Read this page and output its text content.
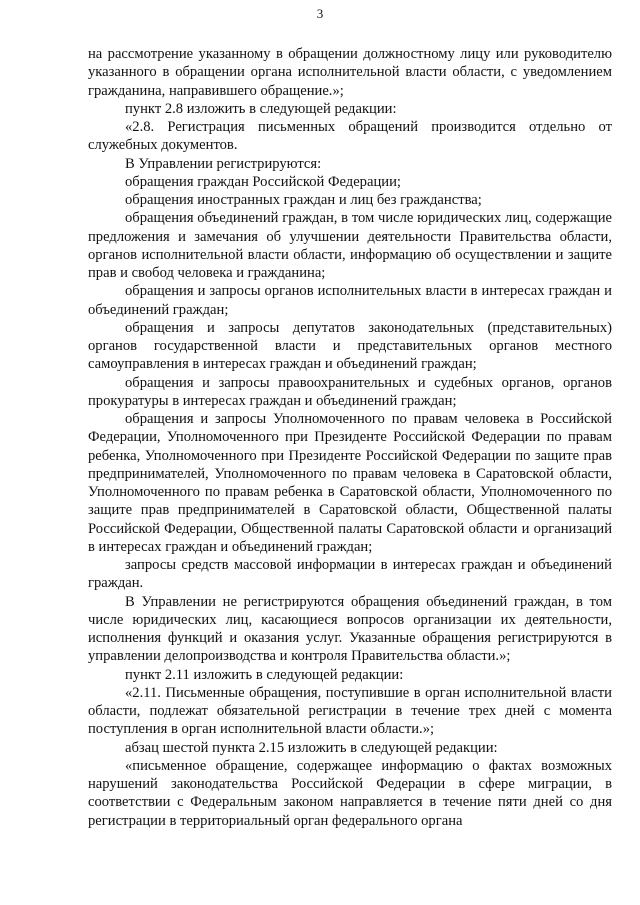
3

на рассмотрение указанному в обращении должностному лицу или руководителю указанного в обращении органа исполнительной власти области, с уведомлением гражданина, направившего обращение.»;

пункт 2.8 изложить в следующей редакции:

«2.8. Регистрация письменных обращений производится отдельно от служебных документов.

В Управлении регистрируются:

обращения граждан Российской Федерации;

обращения иностранных граждан и лиц без гражданства;

обращения объединений граждан, в том числе юридических лиц, содержащие предложения и замечания об улучшении деятельности Правительства области, органов исполнительной власти области, информацию об осуществлении и защите прав и свобод человека и гражданина;

обращения и запросы органов исполнительных власти в интересах граждан и объединений граждан;

обращения и запросы депутатов законодательных (представительных) органов государственной власти и представительных органов местного самоуправления в интересах граждан и объединений граждан;

обращения и запросы правоохранительных и судебных органов, органов прокуратуры в интересах граждан и объединений граждан;

обращения и запросы Уполномоченного по правам человека в Российской Федерации, Уполномоченного при Президенте Российской Федерации по правам ребенка, Уполномоченного при Президенте Российской Федерации по защите прав предпринимателей, Уполномоченного по правам человека в Саратовской области, Уполномоченного по правам ребенка в Саратовской области, Уполномоченного по защите прав предпринимателей в Саратовской области, Общественной палаты Российской Федерации, Общественной палаты Саратовской области и организаций в интересах граждан и объединений граждан;

запросы средств массовой информации в интересах граждан и объединений граждан.

В Управлении не регистрируются обращения объединений граждан, в том числе юридических лиц, касающиеся вопросов организации их деятельности, исполнения функций и оказания услуг. Указанные обращения регистрируются в управлении делопроизводства и контроля Правительства области.»;

пункт 2.11 изложить в следующей редакции:

«2.11. Письменные обращения, поступившие в орган исполнительной власти области, подлежат обязательной регистрации в течение трех дней с момента поступления в орган исполнительной власти области.»;

абзац шестой пункта 2.15 изложить в следующей редакции:

«письменное обращение, содержащее информацию о фактах возможных нарушений законодательства Российской Федерации в сфере миграции, в соответствии с Федеральным законом направляется в течение пяти дней со дня регистрации в территориальный орган федерального органа
